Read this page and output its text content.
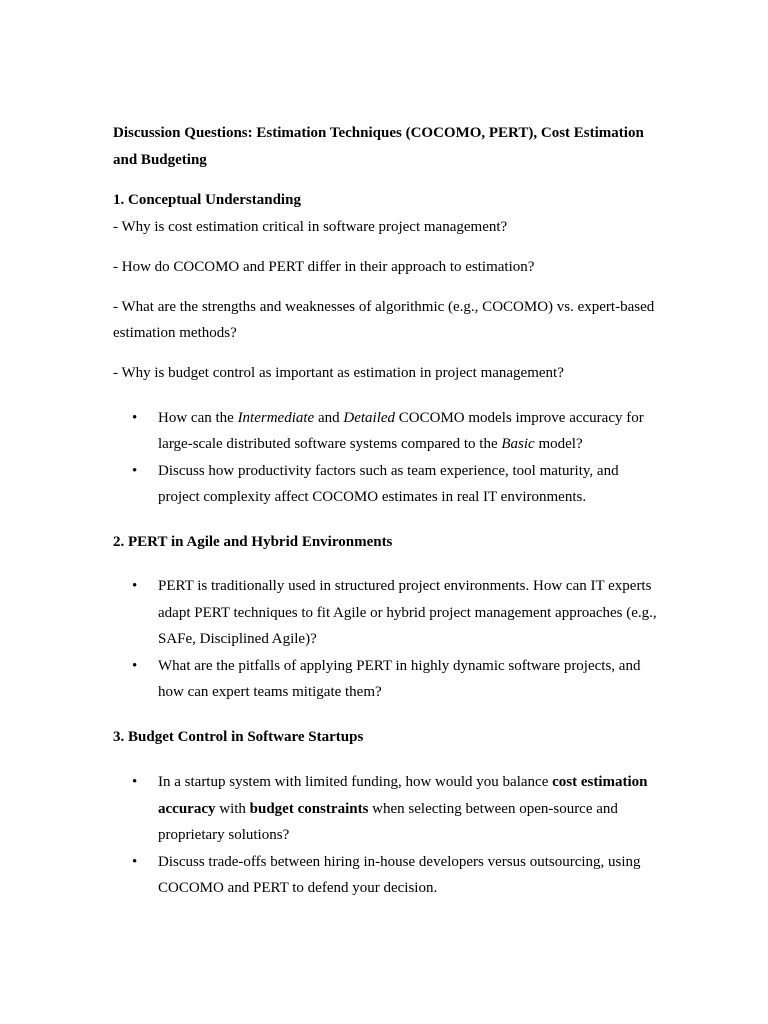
Discussion Questions: Estimation Techniques (COCOMO, PERT), Cost Estimation and Budgeting

1. Conceptual Understanding

- Why is cost estimation critical in software project management?

- How do COCOMO and PERT differ in their approach to estimation?

- What are the strengths and weaknesses of algorithmic (e.g., COCOMO) vs. expert-based estimation methods?

- Why is budget control as important as estimation in project management?

• How can the Intermediate and Detailed COCOMO models improve accuracy for large-scale distributed software systems compared to the Basic model?
• Discuss how productivity factors such as team experience, tool maturity, and project complexity affect COCOMO estimates in real IT environments.

2. PERT in Agile and Hybrid Environments

• PERT is traditionally used in structured project environments. How can IT experts adapt PERT techniques to fit Agile or hybrid project management approaches (e.g., SAFe, Disciplined Agile)?
• What are the pitfalls of applying PERT in highly dynamic software projects, and how can expert teams mitigate them?

3. Budget Control in Software Startups

• In a startup system with limited funding, how would you balance cost estimation accuracy with budget constraints when selecting between open-source and proprietary solutions?
• Discuss trade-offs between hiring in-house developers versus outsourcing, using COCOMO and PERT to defend your decision.
